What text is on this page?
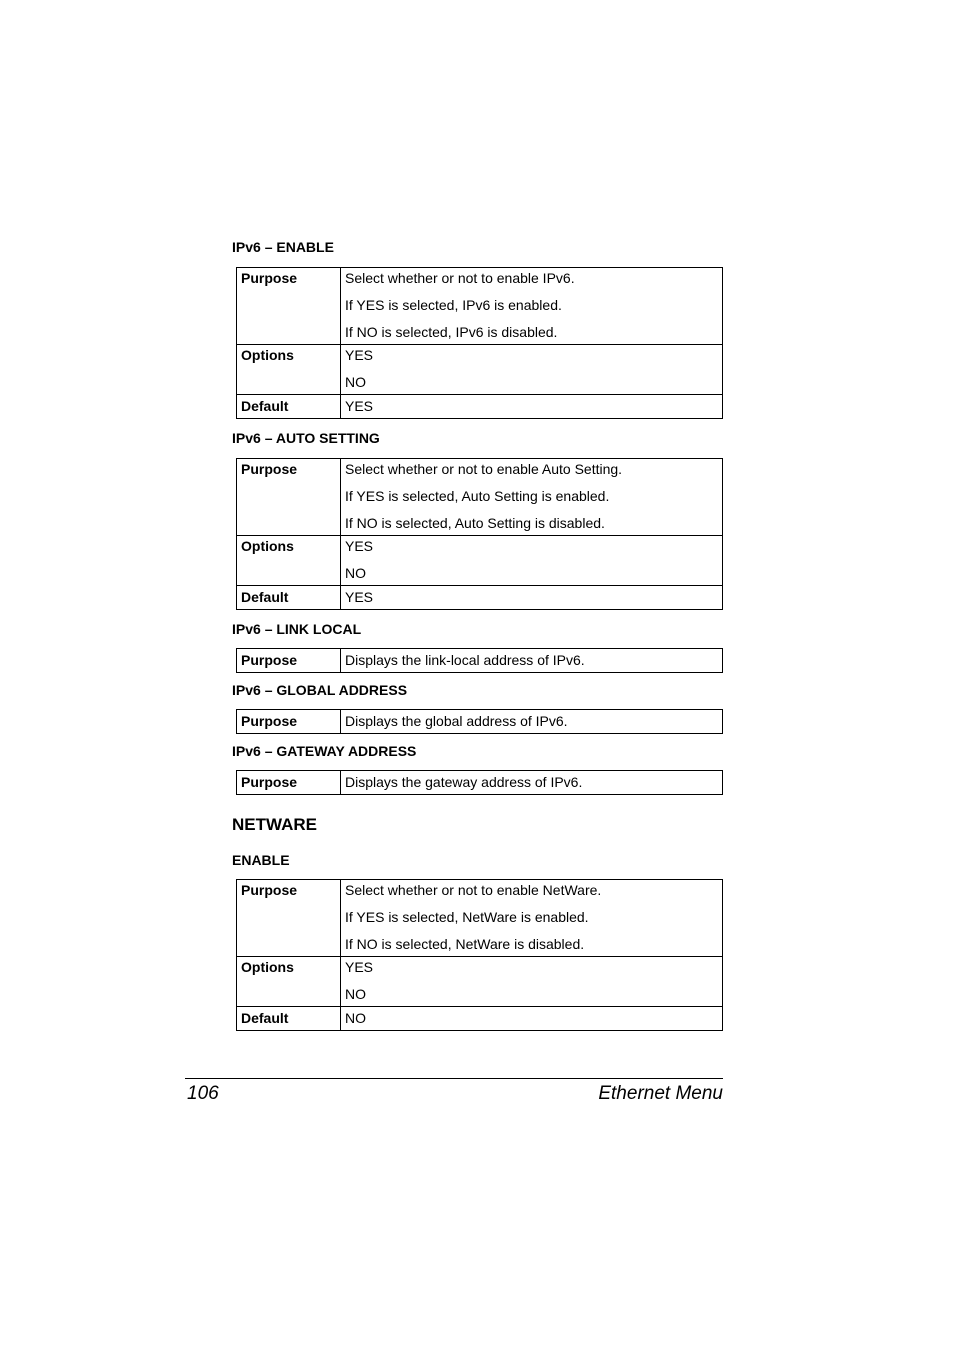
IPv6 – ENABLE
Purpose	Select whether or not to enable IPv6.
If YES is selected, IPv6 is enabled.
If NO is selected, IPv6 is disabled.

Options	YES
NO

Default	YES
IPv6 – AUTO SETTING
Purpose	Select whether or not to enable Auto Setting.
If YES is selected, Auto Setting is enabled.
If NO is selected, Auto Setting is disabled.

Options	YES
NO

Default	YES
IPv6 – LINK LOCAL
Purpose	Displays the link-local address of IPv6.
IPv6 – GLOBAL ADDRESS
Purpose	Displays the global address of IPv6.
IPv6 – GATEWAY ADDRESS
Purpose	Displays the gateway address of IPv6.
NETWARE
ENABLE
Purpose	Select whether or not to enable NetWare.
If YES is selected, NetWare is enabled.
If NO is selected, NetWare is disabled.

Options	YES
NO

Default	NO
106	Ethernet Menu
